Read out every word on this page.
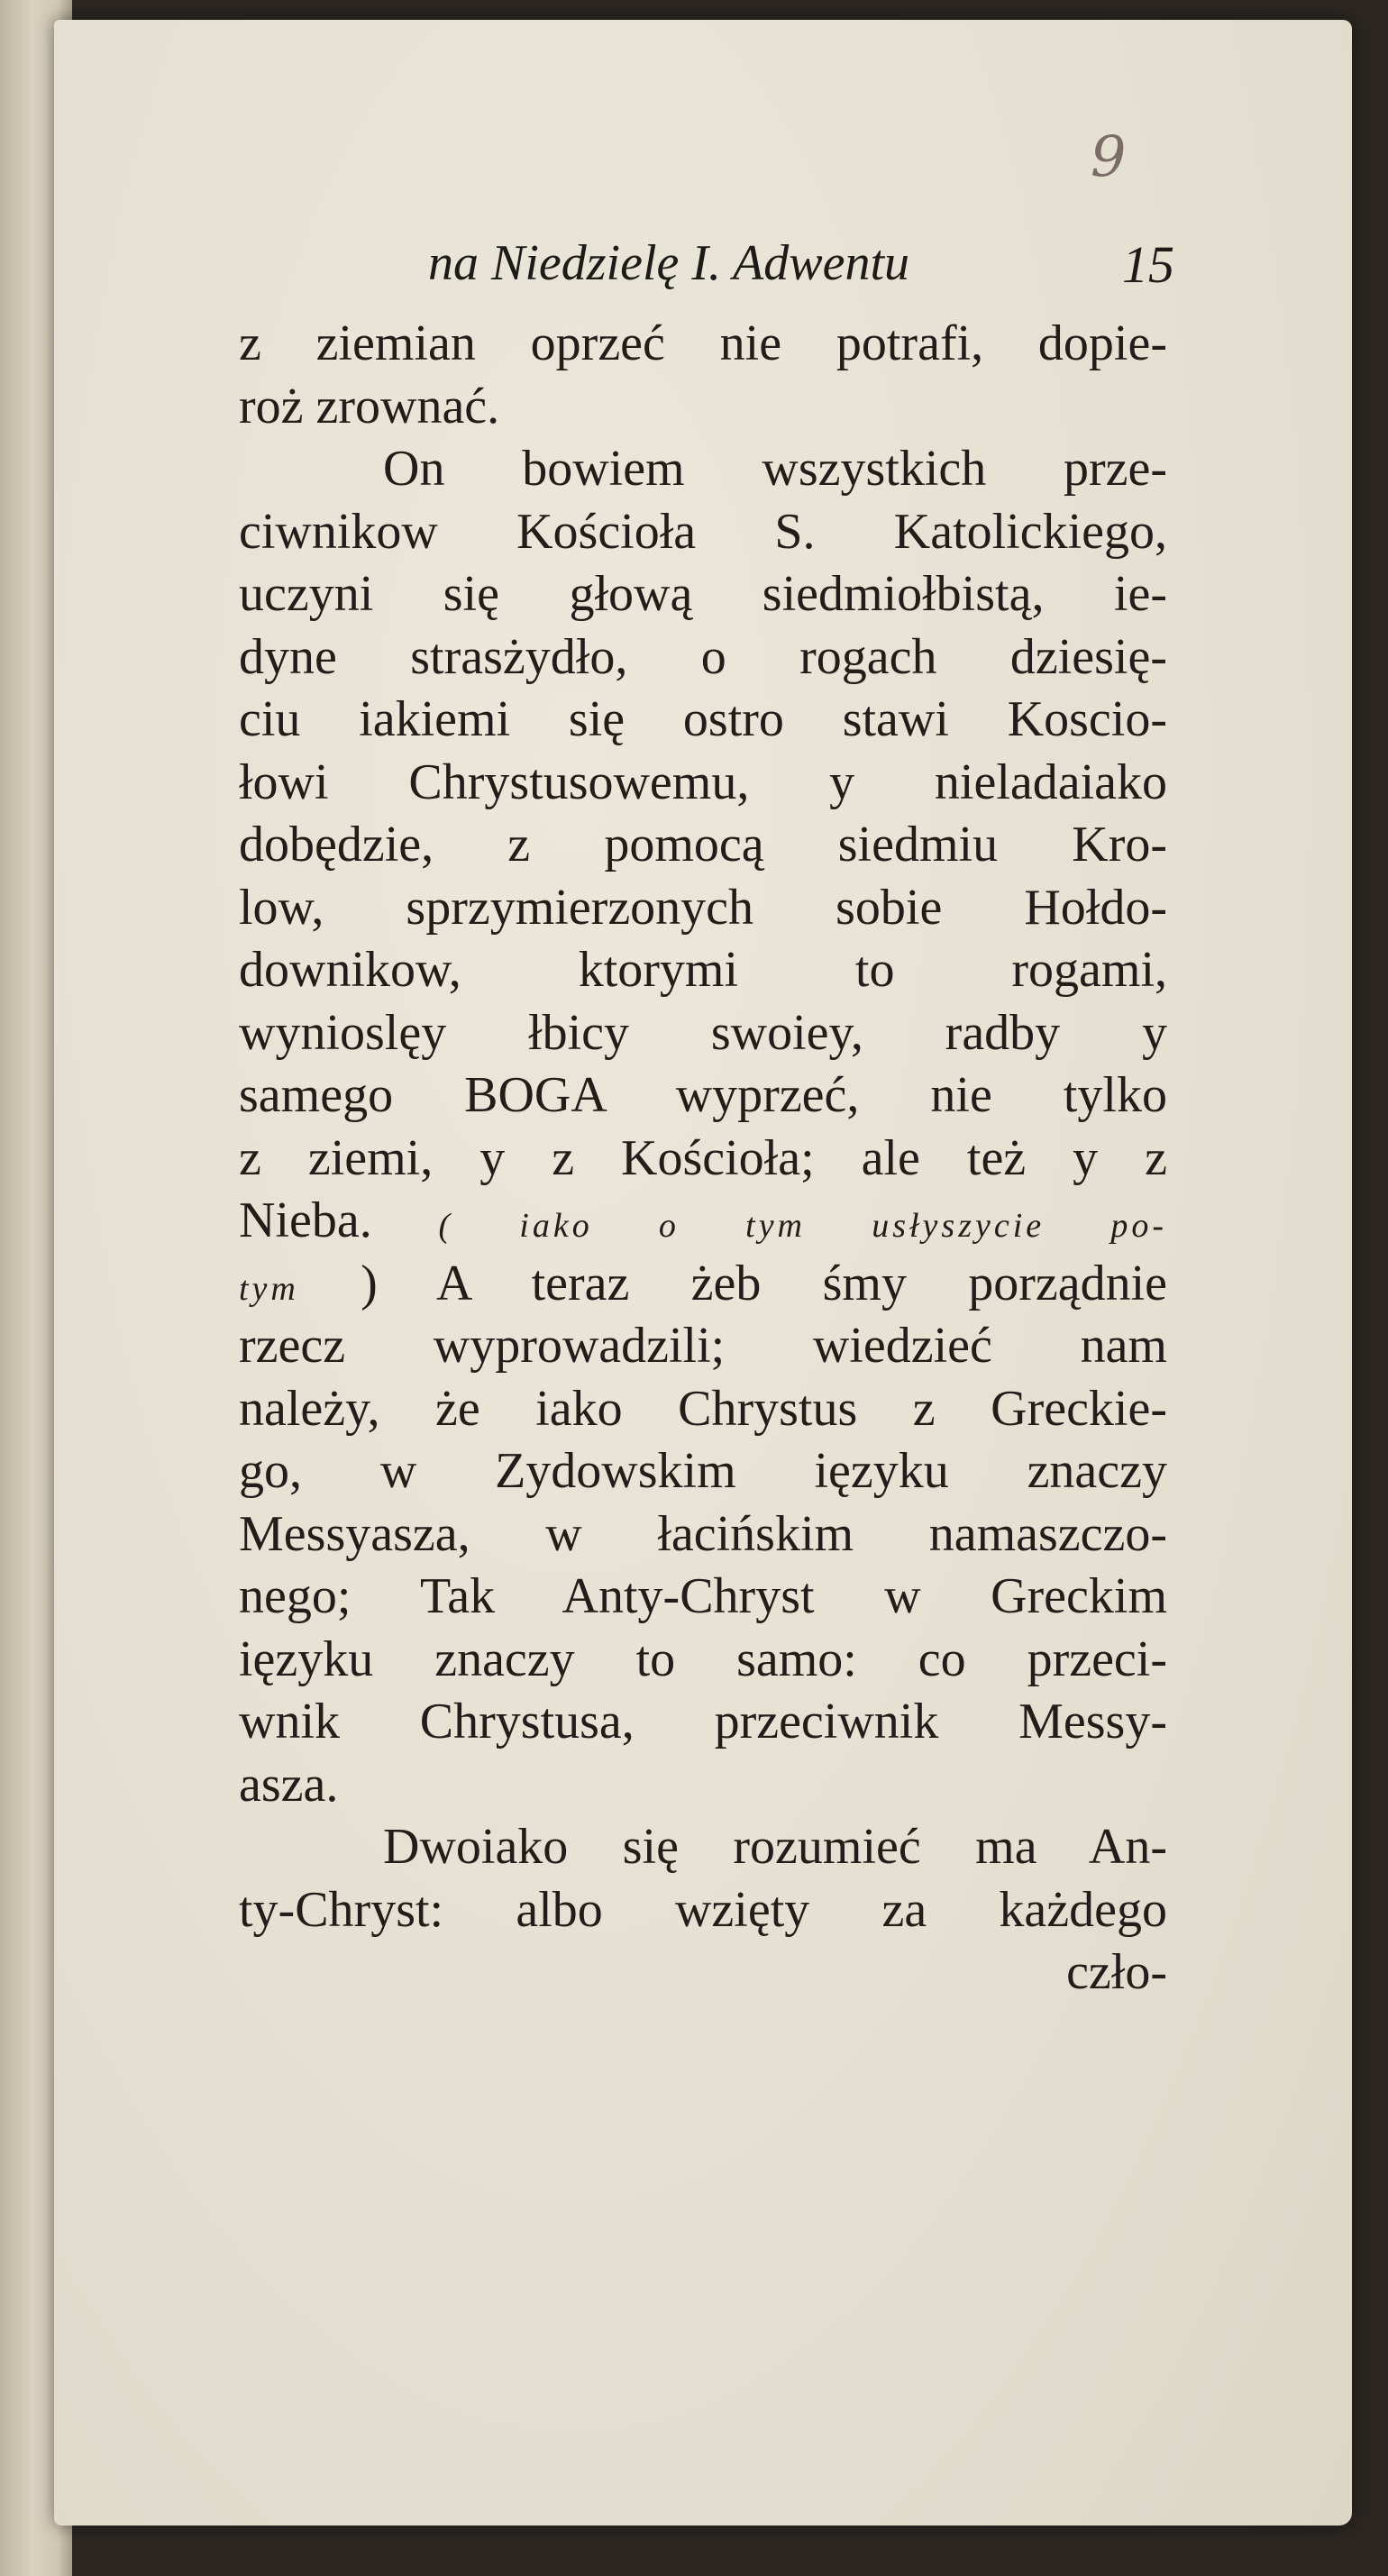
9
na Niedzielę I. Adwentu	15
z ziemian oprzeć nie potrafi, dopie-
roż zrownać.
On bowiem wszystkich prze-
ciwnikow Kościoła S. Katolickiego,
uczyni się głową siedmiołbistą, ie-
dyne strasżydło, o rogach dziesię-
ciu iakiemi się ostro stawi Koscio-
łowi Chrystusowemu, y nieladaiako
dobędzie, z pomocą siedmiu Kro-
low, sprzymierzonych sobie Hołdo-
downikow, ktorymi to rogami,
wynioslęy łbicy swoiey, radby y
samego BOGA wyprzeć, nie tylko
z ziemi, y z Kościoła; ale też y z
Nieba. ( iako o tym usłyszycie po-
tym ) A teraz żeb śmy porządnie
rzecz wyprowadzili; wiedzieć nam
należy, że iako Chrystus z Greckie-
go, w Zydowskim ięzyku znaczy
Messyasza, w łacińskim namaszczo-
nego; Tak Anty-Chryst w Greckim
ięzyku znaczy to samo: co przeci-
wnik Chrystusa, przeciwnik Messy-
asza.
Dwoiako się rozumieć ma An-
ty-Chryst: albo wzięty za każdego
czło-
